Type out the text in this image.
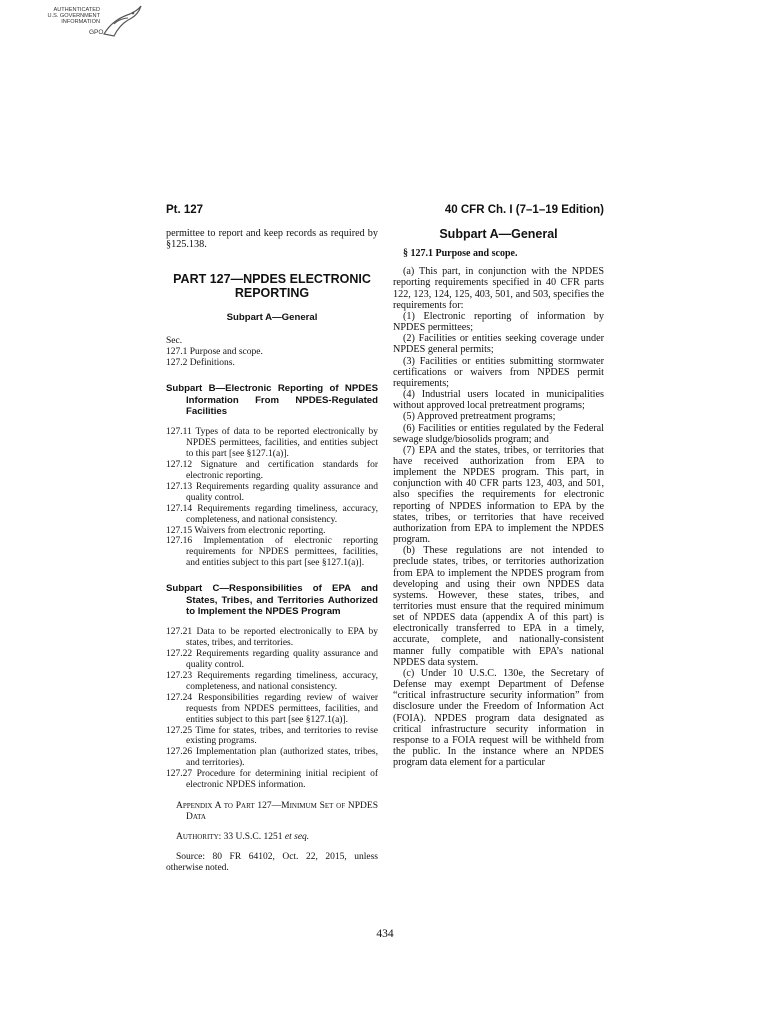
AUTHENTICATED
U.S. GOVERNMENT
INFORMATION
GPO
Pt. 127	40 CFR Ch. I (7–1–19 Edition)

permittee to report and keep records as required by §125.138.

PART 127—NPDES ELECTRONIC
REPORTING
Subpart A—General

Sec.

127.1 Purpose and scope.
127.2 Definitions.
Subpart B—Electronic Reporting of NPDES Information From NPDES-Regulated Facilities
127.11 Types of data to be reported electronically by NPDES permittees, facilities, and entities subject to this part [see §127.1(a)].
127.12 Signature and certification standards for electronic reporting.
127.13 Requirements regarding quality assurance and quality control.
127.14 Requirements regarding timeliness, accuracy, completeness, and national consistency.
127.15 Waivers from electronic reporting.
127.16 Implementation of electronic reporting requirements for NPDES permittees, facilities, and entities subject to this part [see §127.1(a)].
Subpart C—Responsibilities of EPA and States, Tribes, and Territories Authorized to Implement the NPDES Program
127.21 Data to be reported electronically to EPA by states, tribes, and territories.
127.22 Requirements regarding quality assurance and quality control.
127.23 Requirements regarding timeliness, accuracy, completeness, and national consistency.
127.24 Responsibilities regarding review of waiver requests from NPDES permittees, facilities, and entities subject to this part [see §127.1(a)].
127.25 Time for states, tribes, and territories to revise existing programs.
127.26 Implementation plan (authorized states, tribes, and territories).
127.27 Procedure for determining initial recipient of electronic NPDES information.

Appendix A to Part 127—Minimum Set of NPDES Data

Authority: 33 U.S.C. 1251 et seq.

Source: 80 FR 64102, Oct. 22, 2015, unless otherwise noted.

Subpart A—General

§ 127.1 Purpose and scope.

(a) This part, in conjunction with the NPDES reporting requirements specified in 40 CFR parts 122, 123, 124, 125, 403, 501, and 503, specifies the requirements for:

(1) Electronic reporting of information by NPDES permittees;

(2) Facilities or entities seeking coverage under NPDES general permits;

(3) Facilities or entities submitting stormwater certifications or waivers from NPDES permit requirements;

(4) Industrial users located in municipalities without approved local pretreatment programs;

(5) Approved pretreatment programs;

(6) Facilities or entities regulated by the Federal sewage sludge/biosolids program; and

(7) EPA and the states, tribes, or territories that have received authorization from EPA to implement the NPDES program. This part, in conjunction with 40 CFR parts 123, 403, and 501, also specifies the requirements for electronic reporting of NPDES information to EPA by the states, tribes, or territories that have received authorization from EPA to implement the NPDES program.

(b) These regulations are not intended to preclude states, tribes, or territories authorization from EPA to implement the NPDES program from developing and using their own NPDES data systems. However, these states, tribes, and territories must ensure that the required minimum set of NPDES data (appendix A of this part) is electronically transferred to EPA in a timely, accurate, complete, and nationally-consistent manner fully compatible with EPA’s national NPDES data system.

(c) Under 10 U.S.C. 130e, the Secretary of Defense may exempt Department of Defense “critical infrastructure security information” from disclosure under the Freedom of Information Act (FOIA). NPDES program data designated as critical infrastructure security information in response to a FOIA request will be withheld from the public. In the instance where an NPDES program data element for a particular

434
